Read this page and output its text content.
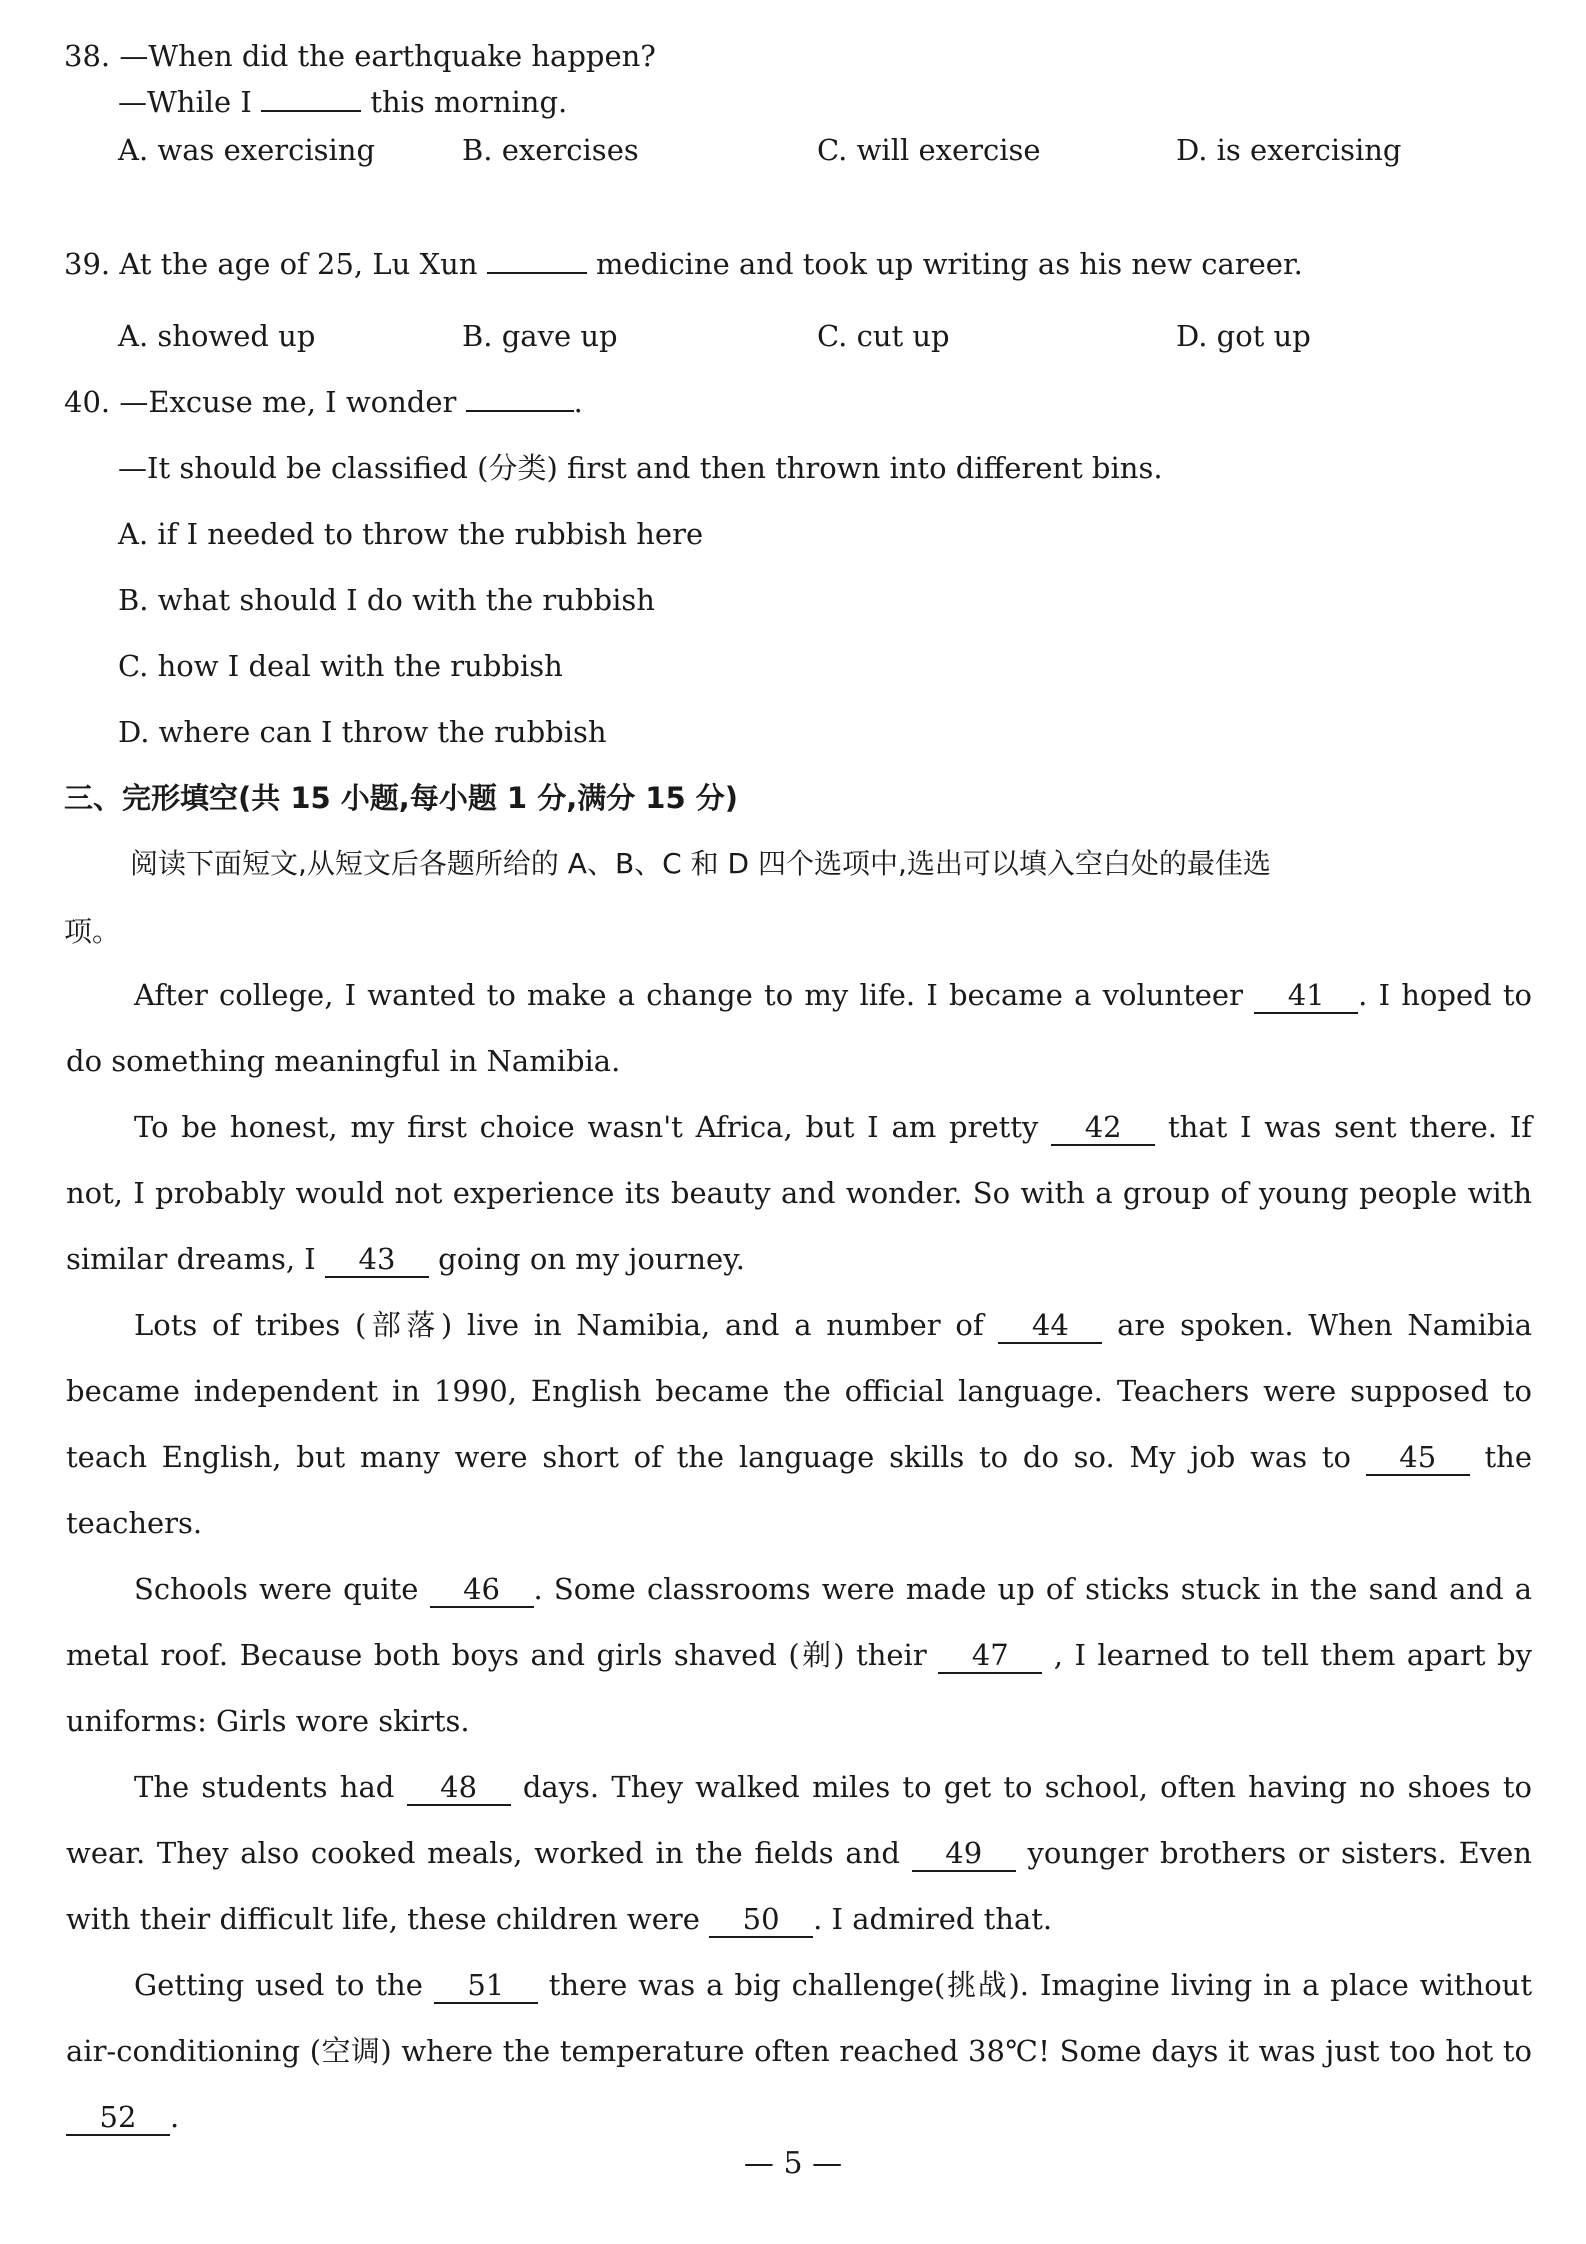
38. —When did the earthquake happen?
—While I	this morning.
A. was exercising	B. exercises	C. will exercise	D. is exercising
39. At the age of 25, Lu Xun	medicine and took up writing as his new career.
A. showed up	B. gave up	C. cut up	D. got up
40. —Excuse me, I wonder	.
—It should be classified (分类) first and then thrown into different bins.
A. if I needed to throw the rubbish here
B. what should I do with the rubbish
C. how I deal with the rubbish
D. where can I throw the rubbish
三、完形填空(共 15 小题,每小题 1 分,满分 15 分)
阅读下面短文,从短文后各题所给的 A、B、C 和 D 四个选项中,选出可以填入空白处的最佳选
项。
After college, I wanted to make a change to my life. I became a volunteer 41 . I hoped to do something meaningful in Namibia.
To be honest, my first choice wasn't Africa, but I am pretty 42 that I was sent there. If not, I probably would not experience its beauty and wonder. So with a group of young people with similar dreams, I 43 going on my journey.
Lots of tribes (部落) live in Namibia, and a number of 44 are spoken. When Namibia became independent in 1990, English became the official language. Teachers were supposed to teach English, but many were short of the language skills to do so. My job was to 45 the teachers.
Schools were quite 46 . Some classrooms were made up of sticks stuck in the sand and a metal roof. Because both boys and girls shaved (剃) their 47 , I learned to tell them apart by uniforms: Girls wore skirts.
The students had 48 days. They walked miles to get to school, often having no shoes to wear. They also cooked meals, worked in the fields and 49 younger brothers or sisters. Even with their difficult life, these children were 50 . I admired that.
Getting used to the 51 there was a big challenge(挑战). Imagine living in a place without air-conditioning (空调) where the temperature often reached 38℃! Some days it was just too hot to 52 .
— 5 —
